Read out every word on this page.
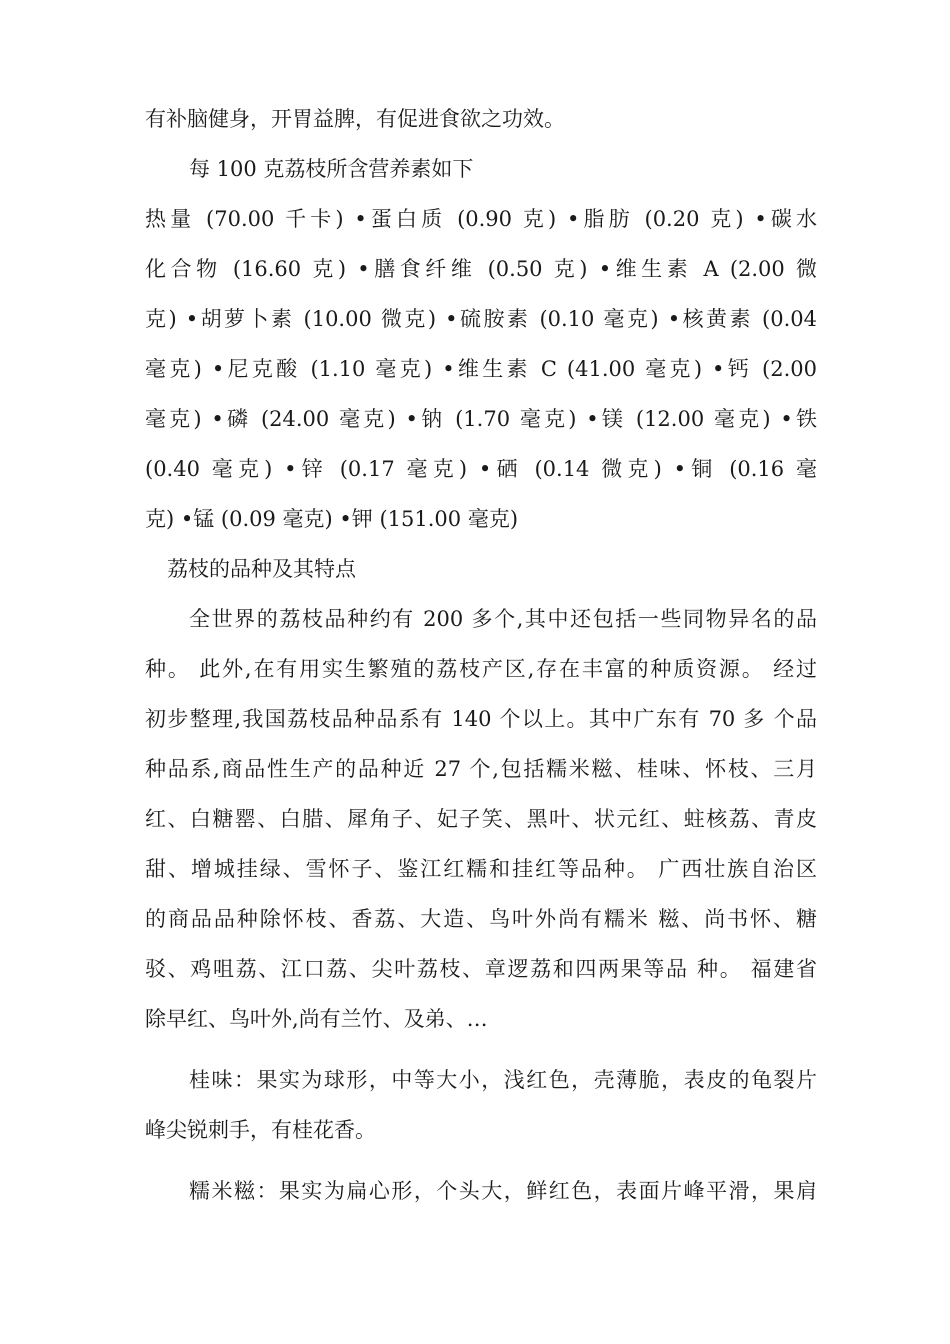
有补脑健身，开胃益脾，有促进食欲之功效。
每 100 克荔枝所含营养素如下
热量 (70.00 千卡) •蛋白质 (0.90 克) •脂肪 (0.20 克) •碳水
化合物 (16.60 克) •膳食纤维 (0.50 克) •维生素 A (2.00 微
克) •胡萝卜素 (10.00 微克) •硫胺素 (0.10 毫克) •核黄素 (0.04
毫克) •尼克酸 (1.10 毫克) •维生素 C (41.00 毫克) •钙 (2.00
毫克) •磷 (24.00 毫克) •钠 (1.70 毫克) •镁 (12.00 毫克) •铁
(0.40 毫克) •锌 (0.17 毫克) •硒 (0.14 微克) •铜 (0.16 毫
克) •锰 (0.09 毫克) •钾 (151.00 毫克)
荔枝的品种及其特点
全世界的荔枝品种约有 200 多个,其中还包括一些同物异名的品
种。 此外,在有用实生繁殖的荔枝产区,存在丰富的种质资源。 经过
初步整理,我国荔枝品种品系有 140 个以上。其中广东有 70 多 个品
种品系,商品性生产的品种近 27 个,包括糯米糍、桂味、怀枝、三月
红、白糖罂、白腊、犀角子、妃子笑、黑叶、状元红、蛀核荔、青皮
甜、增城挂绿、雪怀子、鉴江红糯和挂红等品种。 广西壮族自治区
的商品品种除怀枝、香荔、大造、鸟叶外尚有糯米 糍、尚书怀、糖
驳、鸡咀荔、江口荔、尖叶荔枝、章逻荔和四两果等品 种。 福建省
除早红、鸟叶外,尚有兰竹、及弟、…
桂味：果实为球形，中等大小，浅红色，壳薄脆，表皮的龟裂片
峰尖锐刺手，有桂花香。
糯米糍：果实为扁心形，个头大，鲜红色，表面片峰平滑，果肩
